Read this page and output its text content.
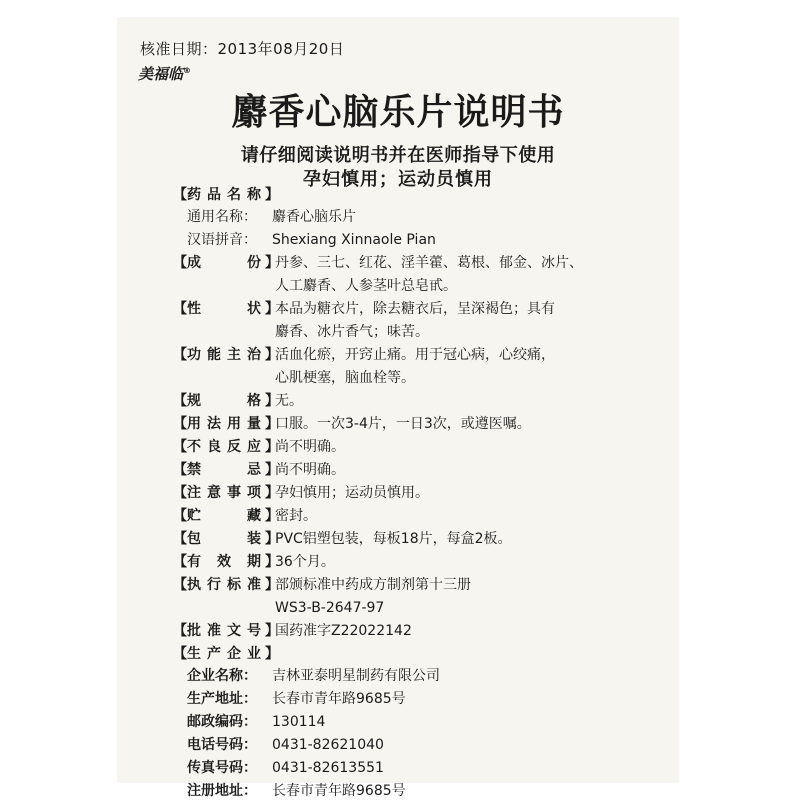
核准日期：2013年08月20日
美福临®
麝香心脑乐片说明书
请仔细阅读说明书并在医师指导下使用
孕妇慎用；运动员慎用
【 药 品 名 称 】
通用名称：	麝香心脑乐片
汉语拼音：	Shexiang Xinnaole Pian
【 成	份 】
丹参、三七、红花、淫羊藿、葛根、郁金、冰片、
人工麝香、人参茎叶总皂甙。
【 性	状 】
本品为糖衣片，除去糖衣后，呈深褐色；具有
麝香、冰片香气；味苦。
【 功 能 主 治 】
活血化瘀，开窍止痛。用于冠心病，心绞痛，
心肌梗塞，脑血栓等。
【 规	格 】
无。
【 用 法 用 量 】
口服。一次3-4片，一日3次，或遵医嘱。
【 不 良 反 应 】
尚不明确。
【 禁	忌 】
尚不明确。
【 注 意 事 项 】
孕妇慎用；运动员慎用。
【 贮	藏 】
密封。
【 包	装 】
PVC铝塑包装，每板18片，每盒2板。
【 有 效 期 】
36个月。
【 执 行 标 准 】
部颁标准中药成方制剂第十三册
WS3-B-2647-97
【 批 准 文 号 】
国药准字Z22022142
【 生 产 企 业 】
企业名称：	吉林亚泰明星制药有限公司
生产地址：	长春市青年路9685号
邮政编码：	130114
电话号码：	0431-82621040
传真号码：	0431-82613551
注册地址：	长春市青年路9685号
